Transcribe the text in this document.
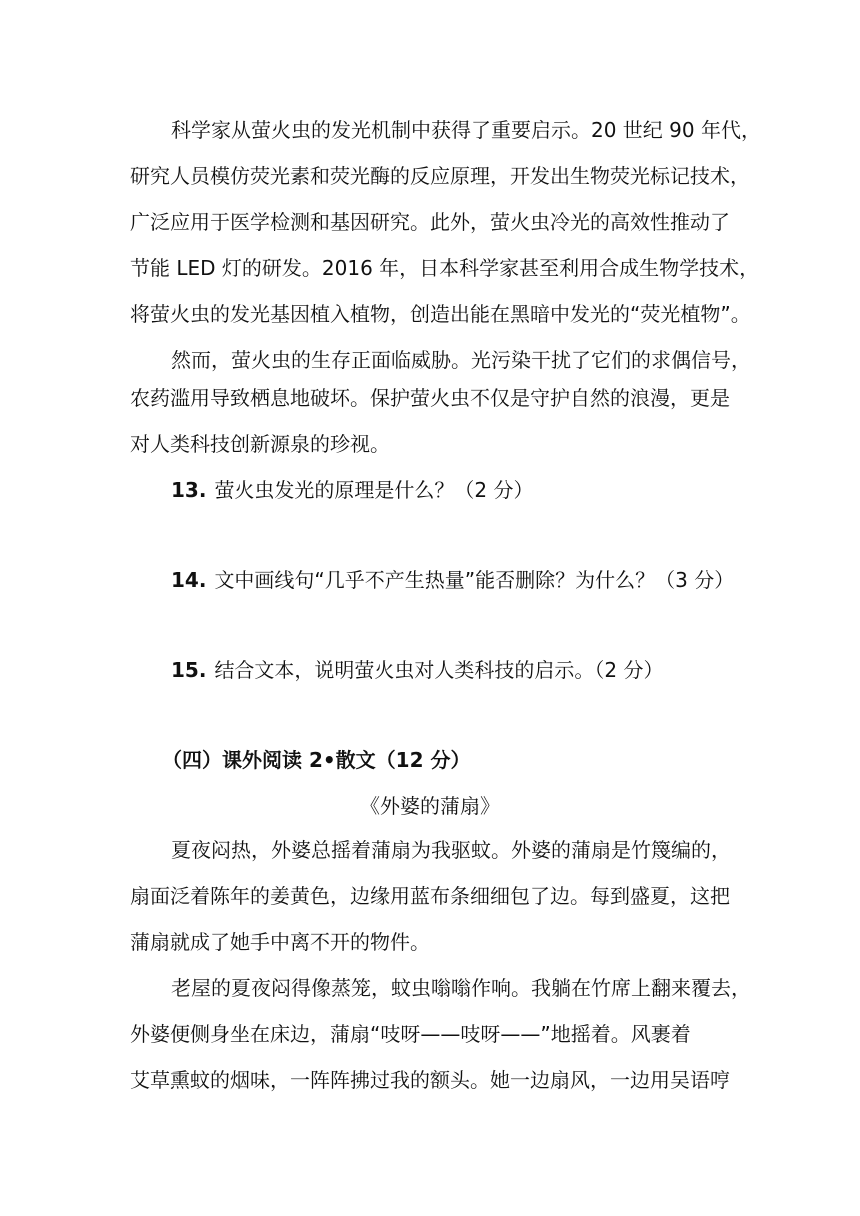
科学家从萤火虫的发光机制中获得了重要启示。20 世纪 90 年代，
研究人员模仿荧光素和荧光酶的反应原理，开发出生物荧光标记技术，
广泛应用于医学检测和基因研究。此外，萤火虫冷光的高效性推动了
节能 LED 灯的研发。2016 年，日本科学家甚至利用合成生物学技术，
将萤火虫的发光基因植入植物，创造出能在黑暗中发光的“荧光植物”。
然而，萤火虫的生存正面临威胁。光污染干扰了它们的求偶信号，
农药滥用导致栖息地破坏。保护萤火虫不仅是守护自然的浪漫，更是
对人类科技创新源泉的珍视。
13. 萤火虫发光的原理是什么？（2 分）
14. 文中画线句“几乎不产生热量”能否删除？为什么？（3 分）
15. 结合文本，说明萤火虫对人类科技的启示。（2 分）
（四）课外阅读 2•散文（12 分）
《外婆的蒲扇》
夏夜闷热，外婆总摇着蒲扇为我驱蚊。外婆的蒲扇是竹篾编的，
扇面泛着陈年的姜黄色，边缘用蓝布条细细包了边。每到盛夏，这把
蒲扇就成了她手中离不开的物件。
老屋的夏夜闷得像蒸笼，蚊虫嗡嗡作响。我躺在竹席上翻来覆去，
外婆便侧身坐在床边，蒲扇“吱呀——吱呀——”地摇着。风裹着
艾草熏蚊的烟味，一阵阵拂过我的额头。她一边扇风，一边用吴语哼
